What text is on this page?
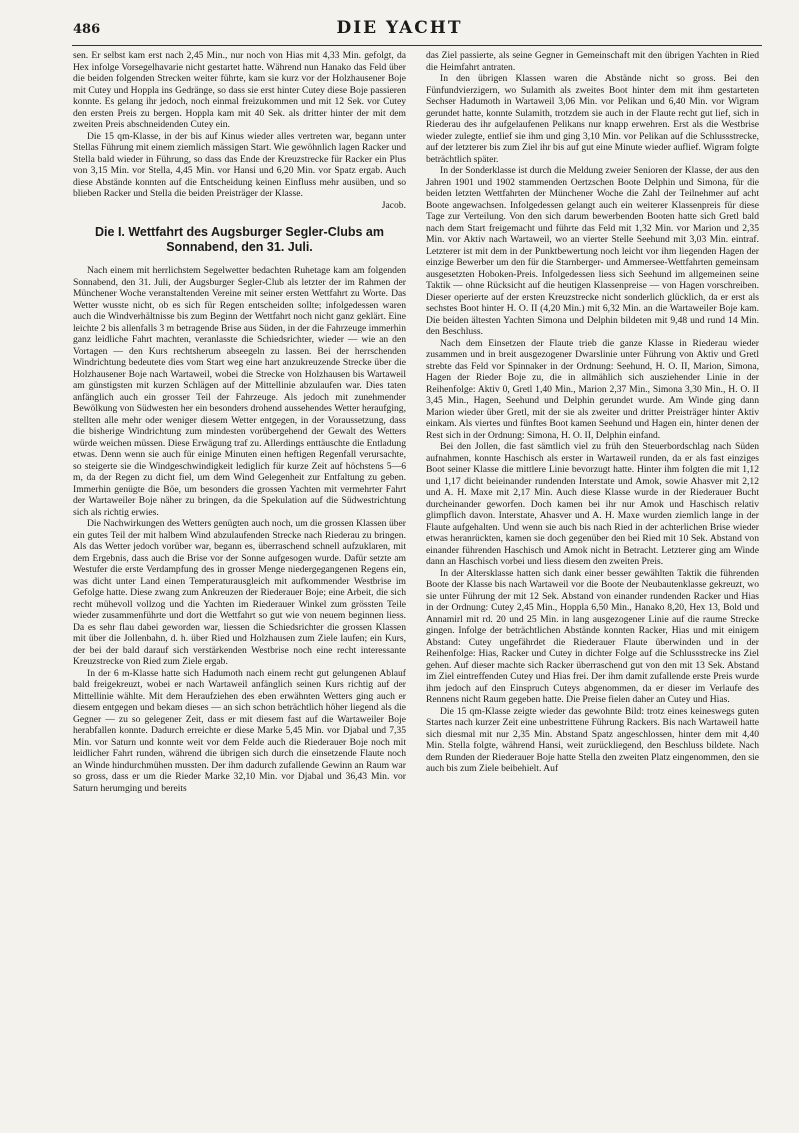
486	DIE YACHT

sen. Er selbst kam erst nach 2,45 Min., nur noch von Hias mit 4,33 Min. gefolgt, da Hex infolge Vorsegelhavarie nicht gestartet hatte. Während nun Hanako das Feld über die beiden folgenden Strecken weiter führte, kam sie kurz vor der Holzhausener Boje mit Cutey und Hoppla ins Gedränge, so dass sie erst hinter Cutey diese Boje passieren konnte. Es gelang ihr jedoch, noch einmal freizukommen und mit 12 Sek. vor Cutey den ersten Preis zu bergen. Hoppla kam mit 40 Sek. als dritter hinter der mit dem zweiten Preis abschneidenden Cutey ein.

Die 15 qm-Klasse, in der bis auf Kinus wieder alles vertreten war, begann unter Stellas Führung mit einem ziemlich mässigen Start. Wie gewöhnlich lagen Racker und Stella bald wieder in Führung, so dass das Ende der Kreuzstrecke für Racker ein Plus von 3,15 Min. vor Stella, 4,45 Min. vor Hansi und 6,20 Min. vor Spatz ergab. Auch diese Abstände konnten auf die Entscheidung keinen Einfluss mehr ausüben, und so blieben Racker und Stella die beiden Preisträger der Klasse.

Jacob.

Die I. Wettfahrt des Augsburger Segler-Clubs am Sonnabend, den 31. Juli.

Nach einem mit herrlichstem Segelwetter bedachten Ruhetage kam am folgenden Sonnabend, den 31. Juli, der Augsburger Segler-Club als letzter der im Rahmen der Münchener Woche veranstaltenden Vereine mit seiner ersten Wettfahrt zu Worte. Das Wetter wusste nicht, ob es sich für Regen entscheiden sollte; infolgedessen waren auch die Windverhältnisse bis zum Beginn der Wettfahrt noch nicht ganz geklärt. Eine leichte 2 bis allenfalls 3 m betragende Brise aus Süden, in der die Fahrzeuge immerhin ganz leidliche Fahrt machten, veranlasste die Schiedsrichter, wieder — wie an den Vortagen — den Kurs rechtsherum abseegeln zu lassen. Bei der herrschenden Windrichtung bedeutete dies vom Start weg eine hart anzukreuzende Strecke über die Holzhausener Boje nach Wartaweil, wobei die Strecke von Holzhausen bis Wartaweil am günstigsten mit kurzen Schlägen auf der Mittellinie abzulaufen war. Dies taten anfänglich auch ein grosser Teil der Fahrzeuge. Als jedoch mit zunehmender Bewölkung von Südwesten her ein besonders drohend aussehendes Wetter heraufging, stellten alle mehr oder weniger diesem Wetter entgegen, in der Voraussetzung, dass die bisherige Windrichtung zum mindesten vorübergehend der Gewalt des Wetters würde weichen müssen. Diese Erwägung traf zu. Allerdings enttäuschte die Entladung etwas. Denn wenn sie auch für einige Minuten einen heftigen Regenfall verursachte, so steigerte sie die Windgeschwindigkeit lediglich für kurze Zeit auf höchstens 5—6 m, da der Regen zu dicht fiel, um dem Wind Gelegenheit zur Entfaltung zu geben. Immerhin genügte die Böe, um besonders die grossen Yachten mit vermehrter Fahrt der Wartaweiler Boje näher zu bringen, da die Spekulation auf die Südwestrichtung sich als richtig erwies.

Die Nachwirkungen des Wetters genügten auch noch, um die grossen Klassen über ein gutes Teil der mit halbem Wind abzulaufenden Strecke nach Riederau zu bringen. Als das Wetter jedoch vorüber war, begann es, überraschend schnell aufzuklaren, mit dem Ergebnis, dass auch die Brise vor der Sonne aufgesogen wurde. Dafür setzte am Westufer die erste Verdampfung des in grosser Menge niedergegangenen Regens ein, was dicht unter Land einen Temperaturausgleich mit aufkommender Westbrise im Gefolge hatte. Diese zwang zum Ankreuzen der Riederauer Boje; eine Arbeit, die sich recht mühevoll vollzog und die Yachten im Riederauer Winkel zum grössten Teile wieder zusammenführte und dort die Wettfahrt so gut wie von neuem beginnen liess. Da es sehr flau dabei geworden war, liessen die Schiedsrichter die grossen Klassen mit über die Jollenbahn, d. h. über Ried und Holzhausen zum Ziele laufen; ein Kurs, der bei der bald darauf sich verstärkenden Westbrise noch eine recht interessante Kreuzstrecke von Ried zum Ziele ergab.

In der 6 m-Klasse hatte sich Hadumoth nach einem recht gut gelungenen Ablauf bald freigekreuzt, wobei er nach Wartaweil anfänglich seinen Kurs richtig auf der Mittellinie wählte. Mit dem Heraufziehen des eben erwähnten Wetters ging auch er diesem entgegen und bekam dieses — an sich schon beträchtlich höher liegend als die Gegner — zu so gelegener Zeit, dass er mit diesem fast auf die Wartaweiler Boje herabfallen konnte. Dadurch erreichte er diese Marke 5,45 Min. vor Djabal und 7,35 Min. vor Saturn und konnte weit vor dem Felde auch die Riederauer Boje noch mit leidlicher Fahrt runden, während die übrigen sich durch die einsetzende Flaute noch an Winde hindurchmühen mussten. Der ihm dadurch zufallende Gewinn an Raum war so gross, dass er um die Rieder Marke 32,10 Min. vor Djabal und 36,43 Min. vor Saturn herumging und bereits

das Ziel passierte, als seine Gegner in Gemeinschaft mit den übrigen Yachten in Ried die Heimfahrt antraten.

In den übrigen Klassen waren die Abstände nicht so gross. Bei den Fünfundvierzigern, wo Sulamith als zweites Boot hinter dem mit ihm gestarteten Sechser Hadumoth in Wartaweil 3,06 Min. vor Pelikan und 6,40 Min. vor Wigram gerundet hatte, konnte Sulamith, trotzdem sie auch in der Flaute recht gut lief, sich in Riederau des ihr aufgelaufenen Pelikans nur knapp erwehren. Erst als die Westbrise wieder zulegte, entlief sie ihm und ging 3,10 Min. vor Pelikan auf die Schlussstrecke, auf der letzterer bis zum Ziel ihr bis auf gut eine Minute wieder auflief. Wigram folgte beträchtlich später.

In der Sonderklasse ist durch die Meldung zweier Senioren der Klasse, der aus den Jahren 1901 und 1902 stammenden Oertzschen Boote Delphin und Simona, für die beiden letzten Wettfahrten der Münchener Woche die Zahl der Teilnehmer auf acht Boote angewachsen. Infolgedessen gelangt auch ein weiterer Klassenpreis für diese Tage zur Verteilung. Von den sich darum bewerbenden Booten hatte sich Gretl bald nach dem Start freigemacht und führte das Feld mit 1,32 Min. vor Marion und 2,35 Min. vor Aktiv nach Wartaweil, wo an vierter Stelle Seehund mit 3,03 Min. eintraf. Letzterer ist mit dem in der Punktbewertung noch leicht vor ihm liegenden Hagen der einzige Bewerber um den für die Starnberger- und Ammersee-Wettfahrten gemeinsam ausgesetzten Hoboken-Preis. Infolgedessen liess sich Seehund im allgemeinen seine Taktik — ohne Rücksicht auf die heutigen Klassenpreise — von Hagen vorschreiben. Dieser operierte auf der ersten Kreuzstrecke nicht sonderlich glücklich, da er erst als sechstes Boot hinter H. O. II (4,20 Min.) mit 6,32 Min. an die Wartaweiler Boje kam. Die beiden ältesten Yachten Simona und Delphin bildeten mit 9,48 und rund 14 Min. den Beschluss.

Nach dem Einsetzen der Flaute trieb die ganze Klasse in Riederau wieder zusammen und in breit ausgezogener Dwarslinie unter Führung von Aktiv und Gretl strebte das Feld vor Spinnaker in der Ordnung: Seehund, H. O. II, Marion, Simona, Hagen der Rieder Boje zu, die in allmählich sich ausziehender Linie in der Reihenfolge: Aktiv 0, Gretl 1,40 Min., Marion 2,37 Min., Simona 3,30 Min., H. O. II 3,45 Min., Hagen, Seehund und Delphin gerundet wurde. Am Winde ging dann Marion wieder über Gretl, mit der sie als zweiter und dritter Preisträger hinter Aktiv einkam. Als viertes und fünftes Boot kamen Seehund und Hagen ein, hinter denen der Rest sich in der Ordnung: Simona, H. O. II, Delphin einfand.

Bei den Jollen, die fast sämtlich viel zu früh den Steuerbordschlag nach Süden aufnahmen, konnte Haschisch als erster in Wartaweil runden, da er als fast einziges Boot seiner Klasse die mittlere Linie bevorzugt hatte. Hinter ihm folgten die mit 1,12 und 1,17 dicht beieinander rundenden Interstate und Amok, sowie Ahasver mit 2,12 und A. H. Maxe mit 2,17 Min. Auch diese Klasse wurde in der Riederauer Bucht durcheinander geworfen. Doch kamen bei ihr nur Amok und Haschisch relativ glimpflich davon. Interstate, Ahasver und A. H. Maxe wurden ziemlich lange in der Flaute aufgehalten. Und wenn sie auch bis nach Ried in der achterlichen Brise wieder etwas heranrückten, kamen sie doch gegenüber den bei Ried mit 10 Sek. Abstand von einander führenden Haschisch und Amok nicht in Betracht. Letzterer ging am Winde dann an Haschisch vorbei und liess diesem den zweiten Preis.

In der Altersklasse hatten sich dank einer besser gewählten Taktik die führenden Boote der Klasse bis nach Wartaweil vor die Boote der Neubautenklasse gekreuzt, wo sie unter Führung der mit 12 Sek. Abstand von einander rundenden Racker und Hias in der Ordnung: Cutey 2,45 Min., Hoppla 6,50 Min., Hanako 8,20, Hex 13, Bold und Annamirl mit rd. 20 und 25 Min. in lang ausgezogener Linie auf die raume Strecke gingen. Infolge der beträchtlichen Abstände konnten Racker, Hias und mit einigem Abstand: Cutey ungefährdet die Riederauer Flaute überwinden und in der Reihenfolge: Hias, Racker und Cutey in dichter Folge auf die Schlussstrecke ins Ziel gehen. Auf dieser machte sich Racker überraschend gut von den mit 13 Sek. Abstand im Ziel eintreffenden Cutey und Hias frei. Der ihm damit zufallende erste Preis wurde ihm jedoch auf den Einspruch Cuteys abgenommen, da er dieser im Verlaufe des Rennens nicht Raum gegeben hatte. Die Preise fielen daher an Cutey und Hias.

Die 15 qm-Klasse zeigte wieder das gewohnte Bild: trotz eines keineswegs guten Startes nach kurzer Zeit eine unbestrittene Führung Rackers. Bis nach Wartaweil hatte sich diesmal mit nur 2,35 Min. Abstand Spatz angeschlossen, hinter dem mit 4,40 Min. Stella folgte, während Hansi, weit zurückliegend, den Beschluss bildete. Nach dem Runden der Riederauer Boje hatte Stella den zweiten Platz eingenommen, den sie auch bis zum Ziele beibehielt. Auf
